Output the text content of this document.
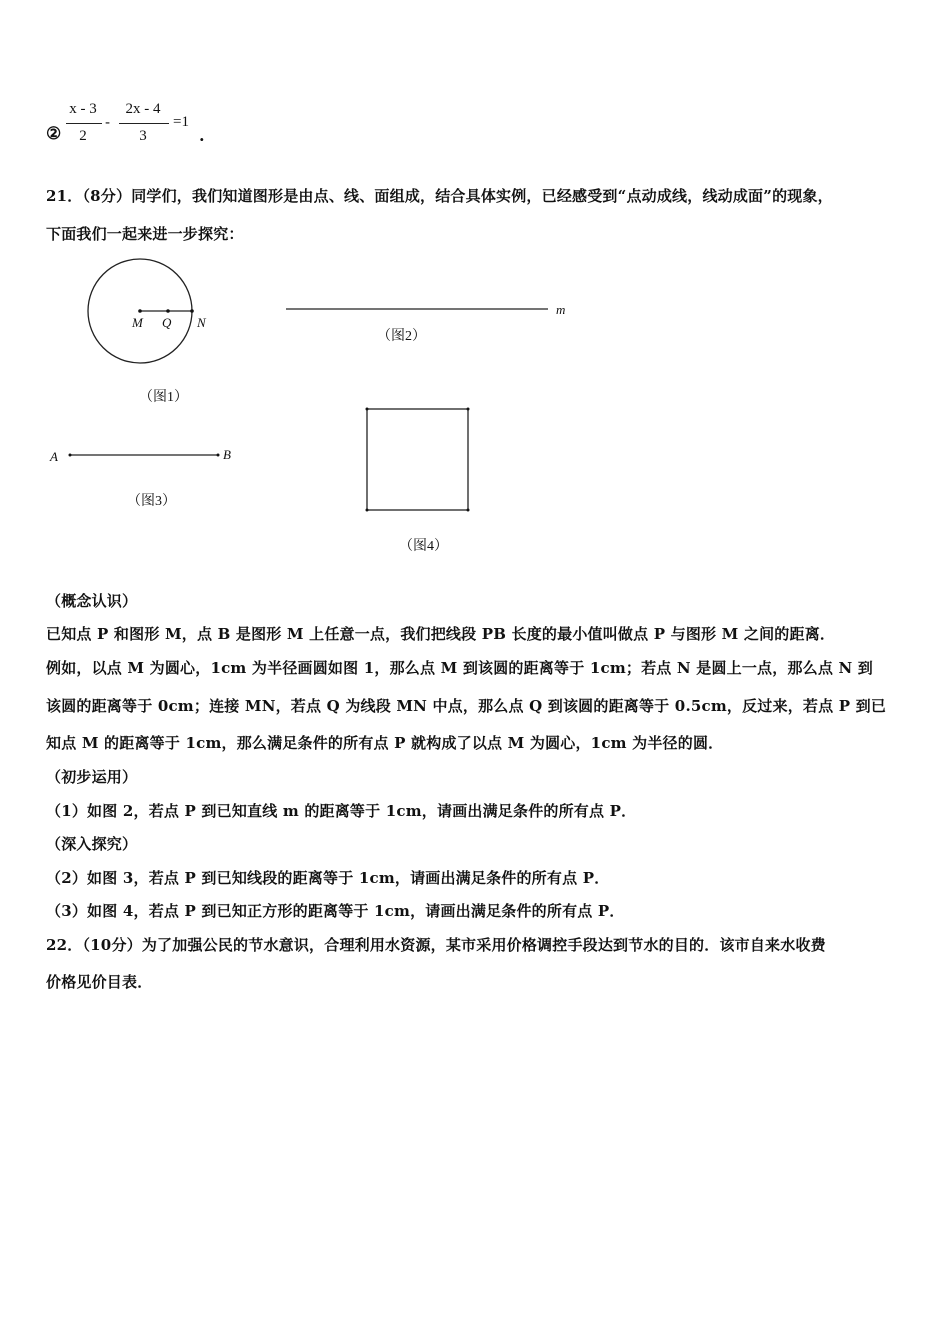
②
x - 3
2
-
2x - 4
3
=1
.
21．（8分）同学们，我们知道图形是由点、线、面组成，结合具体实例，已经感受到“点动成线，线动成面”的现象，
下面我们一起来进一步探究：
M Q N
（图1）
m
（图2）
A	B
（图3）
（图4）
（概念认识）
已知点 P 和图形 M，点 B 是图形 M 上任意一点，我们把线段 PB 长度的最小值叫做点 P 与图形 M 之间的距离．
例如，以点 M 为圆心，1cm 为半径画圆如图 1，那么点 M 到该圆的距离等于 1cm；若点 N 是圆上一点，那么点 N 到
该圆的距离等于 0cm；连接 MN，若点 Q 为线段 MN 中点，那么点 Q 到该圆的距离等于 0.5cm，反过来，若点 P 到已
知点 M 的距离等于 1cm，那么满足条件的所有点 P 就构成了以点 M 为圆心，1cm 为半径的圆．
（初步运用）
（1）如图 2，若点 P 到已知直线 m 的距离等于 1cm，请画出满足条件的所有点 P．
（深入探究）
（2）如图 3，若点 P 到已知线段的距离等于 1cm，请画出满足条件的所有点 P．
（3）如图 4，若点 P 到已知正方形的距离等于 1cm，请画出满足条件的所有点 P．
22．（10分）为了加强公民的节水意识，合理利用水资源，某市采用价格调控手段达到节水的目的．该市自来水收费
价格见价目表．
